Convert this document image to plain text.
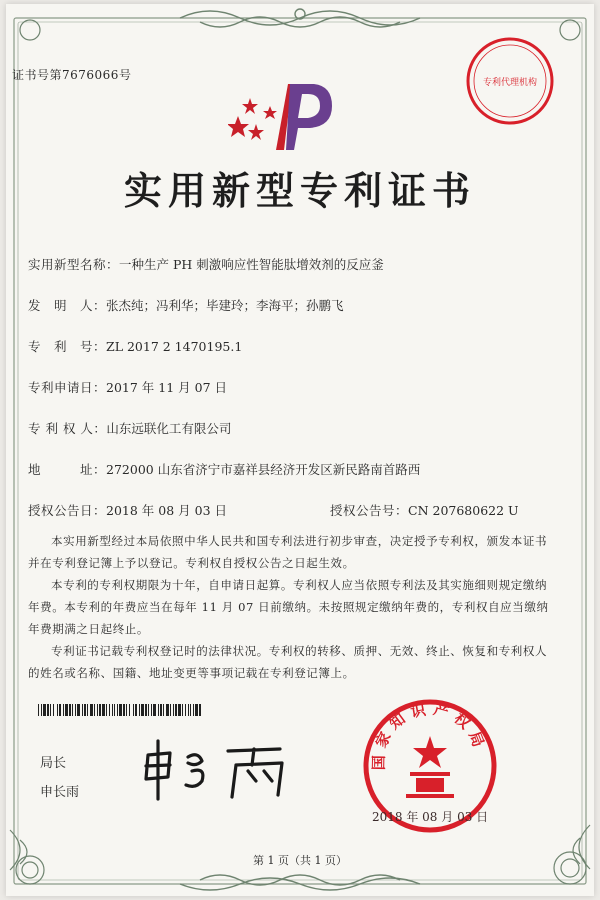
证书号第7676066号
专利代理机构
实用新型专利证书
实用新型名称：一种生产 PH 刺激响应性智能肽增效剂的反应釜
发　明　人：张杰纯；冯利华；毕建玲；李海平；孙鹏飞
专　利　号：ZL 2017 2 1470195.1
专利申请日：2017 年 11 月 07 日
专 利 权 人：山东远联化工有限公司
地　　　址：272000 山东省济宁市嘉祥县经济开发区新民路南首路西
授权公告日：2018 年 08 月 03 日	授权公告号：CN 207680622 U

本实用新型经过本局依照中华人民共和国专利法进行初步审查，决定授予专利权，颁发本证书并在专利登记簿上予以登记。专利权自授权公告之日起生效。

本专利的专利权期限为十年，自申请日起算。专利权人应当依照专利法及其实施细则规定缴纳年费。本专利的年费应当在每年 11 月 07 日前缴纳。未按照规定缴纳年费的，专利权自应当缴纳年费期满之日起终止。

专利证书记载专利权登记时的法律状况。专利权的转移、质押、无效、终止、恢复和专利权人的姓名或名称、国籍、地址变更等事项记载在专利登记簿上。

局长
申长雨
国家知识产权局
2018 年 08 月 03 日
第 1 页（共 1 页）
